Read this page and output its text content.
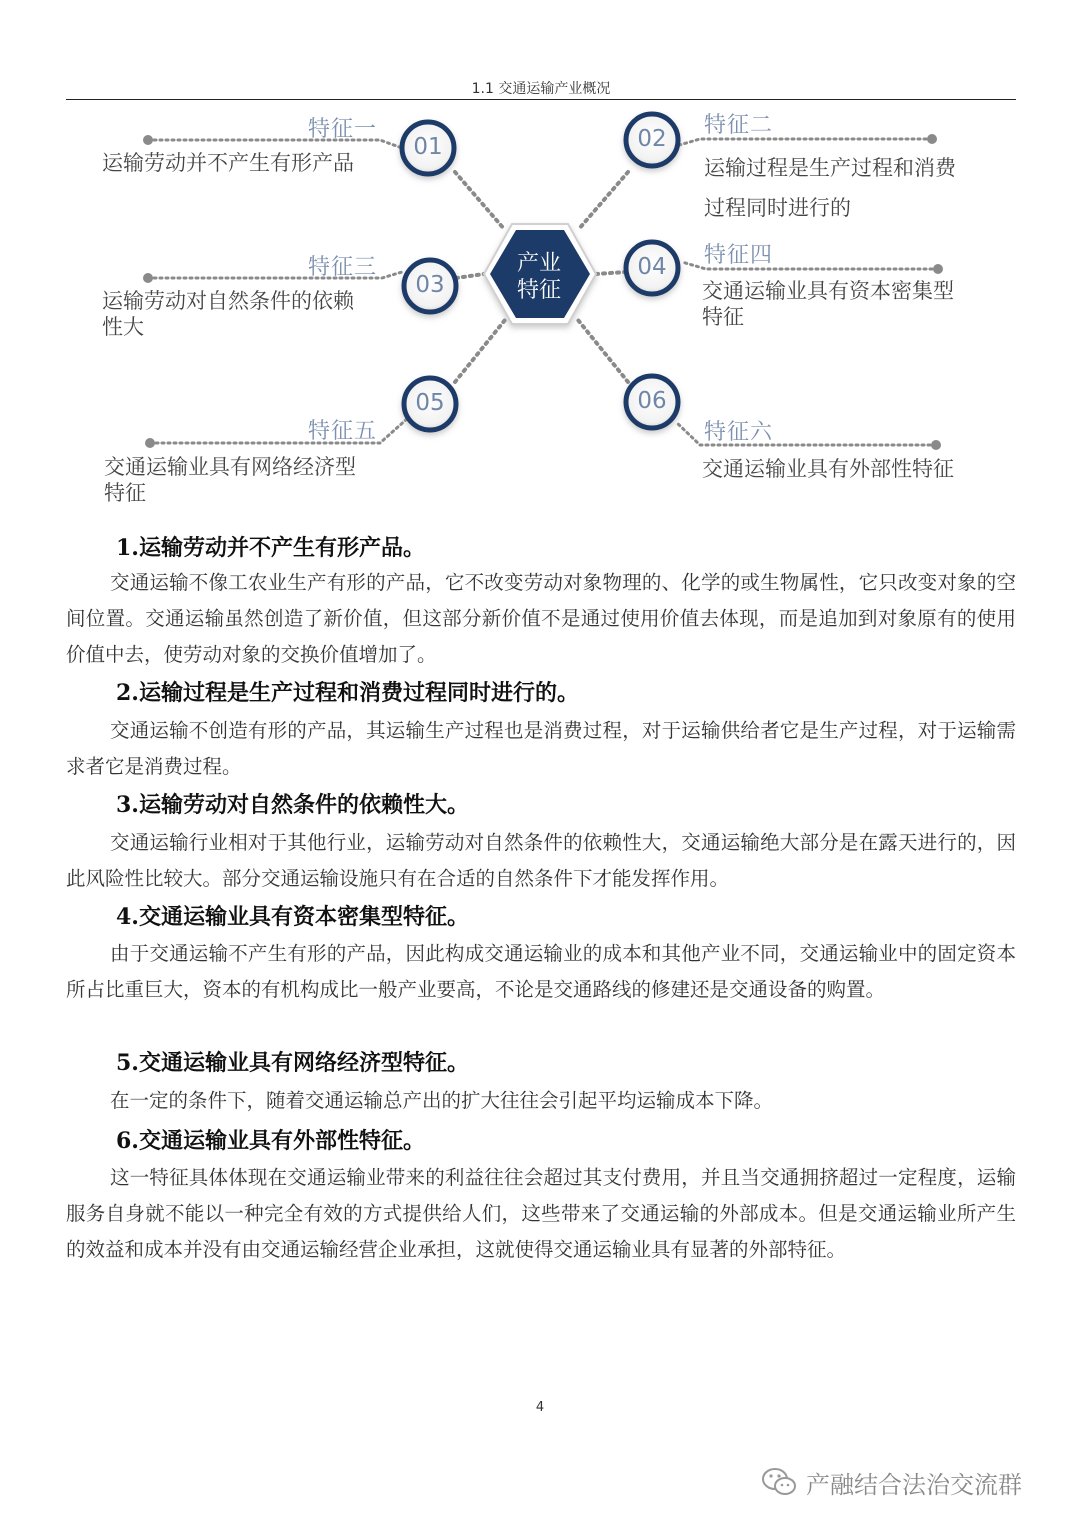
1.1 交通运输产业概况
01	02
03
04
05	06
产业
特征
特征一	特征二
特征三	特征四
特征五	特征六
运输劳动并不产生有形产品	运输过程是生产过程和消费
过程同时进行的
运输劳动对自然条件的依赖
性大
交通运输业具有资本密集型
特征
交通运输业具有网络经济型
特征
交通运输业具有外部性特征
1.运输劳动并不产生有形产品。
交通运输不像工农业生产有形的产品，它不改变劳动对象物理的、化学的或生物属性，它只改变对象的空间位置。交通运输虽然创造了新价值，但这部分新价值不是通过使用价值去体现，而是追加到对象原有的使用价值中去，使劳动对象的交换价值增加了。
2.运输过程是生产过程和消费过程同时进行的。
交通运输不创造有形的产品，其运输生产过程也是消费过程，对于运输供给者它是生产过程，对于运输需求者它是消费过程。
3.运输劳动对自然条件的依赖性大。
交通运输行业相对于其他行业，运输劳动对自然条件的依赖性大，交通运输绝大部分是在露天进行的，因此风险性比较大。部分交通运输设施只有在合适的自然条件下才能发挥作用。
4.交通运输业具有资本密集型特征。
由于交通运输不产生有形的产品，因此构成交通运输业的成本和其他产业不同，交通运输业中的固定资本所占比重巨大，资本的有机构成比一般产业要高，不论是交通路线的修建还是交通设备的购置。
5.交通运输业具有网络经济型特征。
在一定的条件下，随着交通运输总产出的扩大往往会引起平均运输成本下降。
6.交通运输业具有外部性特征。
这一特征具体体现在交通运输业带来的利益往往会超过其支付费用，并且当交通拥挤超过一定程度，运输服务自身就不能以一种完全有效的方式提供给人们，这些带来了交通运输的外部成本。但是交通运输业所产生的效益和成本并没有由交通运输经营企业承担，这就使得交通运输业具有显著的外部特征。
4
产融结合法治交流群
